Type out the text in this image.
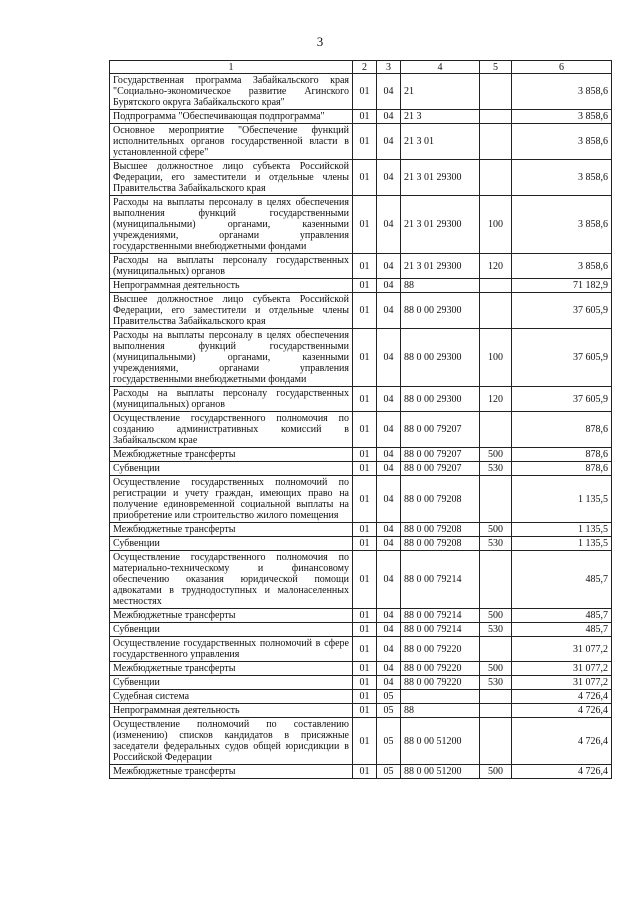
3
1	2	3	4	5	6
Государственная программа Забайкальского края "Социально-экономическое развитие Агинского Бурятского округа Забайкальского края"	01	04	21		3 858,6
Подпрограмма "Обеспечивающая подпрограмма"	01	04	21 3		3 858,6
Основное мероприятие "Обеспечение функций исполнительных органов государственной власти в установленной сфере"	01	04	21 3 01		3 858,6
Высшее должностное лицо субъекта Российской Федерации, его заместители и отдельные члены Правительства Забайкальского края	01	04	21 3 01 29300		3 858,6
Расходы на выплаты персоналу в целях обеспечения выполнения функций государственными (муниципальными) органами, казенными учреждениями, органами управления государственными внебюджетными фондами	01	04	21 3 01 29300	100	3 858,6
Расходы на выплаты персоналу государственных (муниципальных) органов	01	04	21 3 01 29300	120	3 858,6
Непрограммная деятельность	01	04	88		71 182,9
Высшее должностное лицо субъекта Российской Федерации, его заместители и отдельные члены Правительства Забайкальского края	01	04	88 0 00 29300		37 605,9
Расходы на выплаты персоналу в целях обеспечения выполнения функций государственными (муниципальными) органами, казенными учреждениями, органами управления государственными внебюджетными фондами	01	04	88 0 00 29300	100	37 605,9
Расходы на выплаты персоналу государственных (муниципальных) органов	01	04	88 0 00 29300	120	37 605,9
Осуществление государственного полномочия по созданию административных комиссий в Забайкальском крае	01	04	88 0 00 79207		878,6
Межбюджетные трансферты	01	04	88 0 00 79207	500	878,6
Субвенции	01	04	88 0 00 79207	530	878,6
Осуществление государственных полномочий по регистрации и учету граждан, имеющих право на получение единовременной социальной выплаты на приобретение или строительство жилого помещения	01	04	88 0 00 79208		1 135,5
Межбюджетные трансферты	01	04	88 0 00 79208	500	1 135,5
Субвенции	01	04	88 0 00 79208	530	1 135,5
Осуществление государственного полномочия по материально-техническому и финансовому обеспечению оказания юридической помощи адвокатами в труднодоступных и малонаселенных местностях	01	04	88 0 00 79214		485,7
Межбюджетные трансферты	01	04	88 0 00 79214	500	485,7
Субвенции	01	04	88 0 00 79214	530	485,7
Осуществление государственных полномочий в сфере государственного управления	01	04	88 0 00 79220		31 077,2
Межбюджетные трансферты	01	04	88 0 00 79220	500	31 077,2
Субвенции	01	04	88 0 00 79220	530	31 077,2
Судебная система	01	05			4 726,4
Непрограммная деятельность	01	05	88		4 726,4
Осуществление полномочий по составлению (изменению) списков кандидатов в присяжные заседатели федеральных судов общей юрисдикции в Российской Федерации	01	05	88 0 00 51200		4 726,4
Межбюджетные трансферты	01	05	88 0 00 51200	500	4 726,4
